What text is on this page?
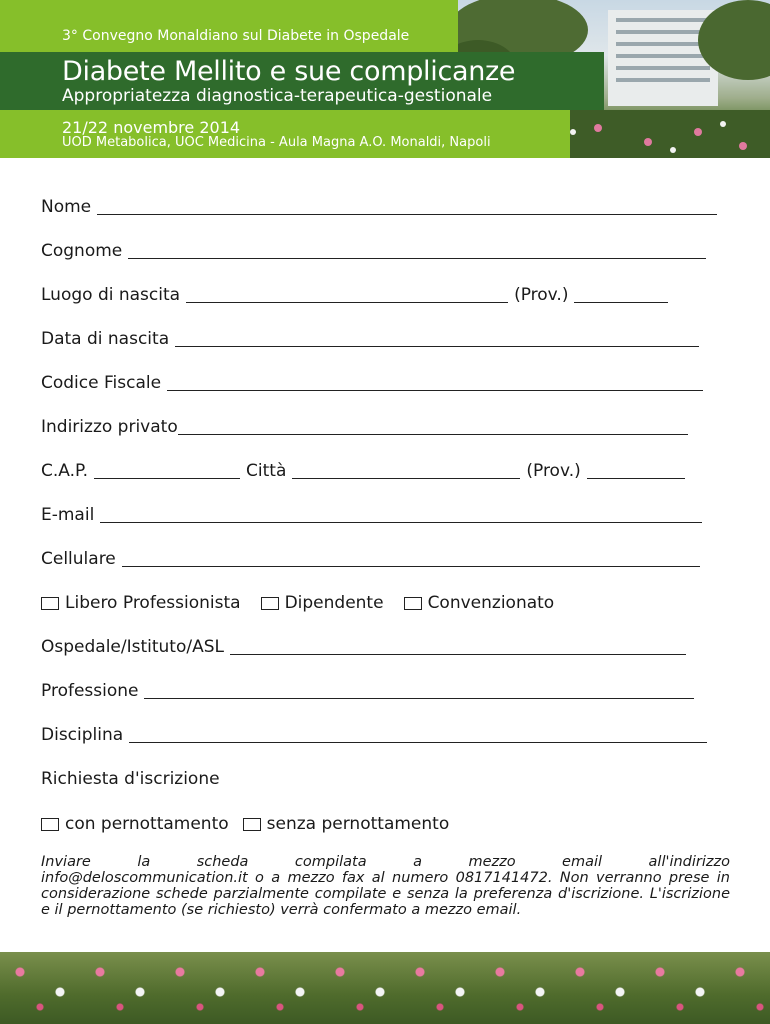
3° Convegno Monaldiano sul Diabete in Ospedale
Diabete Mellito e sue complicanze
Appropriatezza diagnostica-terapeutica-gestionale
21/22 novembre 2014
UOD Metabolica, UOC Medicina - Aula Magna A.O. Monaldi, Napoli
Nome
Cognome
Luogo di nascita	(Prov.)
Data di nascita
Codice Fiscale
Indirizzo privato
C.A.P.	Città	(Prov.)
E-mail
Cellulare
Libero Professionista	Dipendente	Convenzionato
Ospedale/Istituto/ASL
Professione
Disciplina
Richiesta d'iscrizione
con pernottamento senza pernottamento
Inviare la scheda compilata a mezzo email all'indirizzo
info@deloscommunication.it o a mezzo fax al numero 0817141472. Non verranno prese in considerazione schede parzialmente compilate e senza la preferenza d'iscrizione. L'iscrizione e il pernottamento (se richiesto) verrà confermato a mezzo email.
